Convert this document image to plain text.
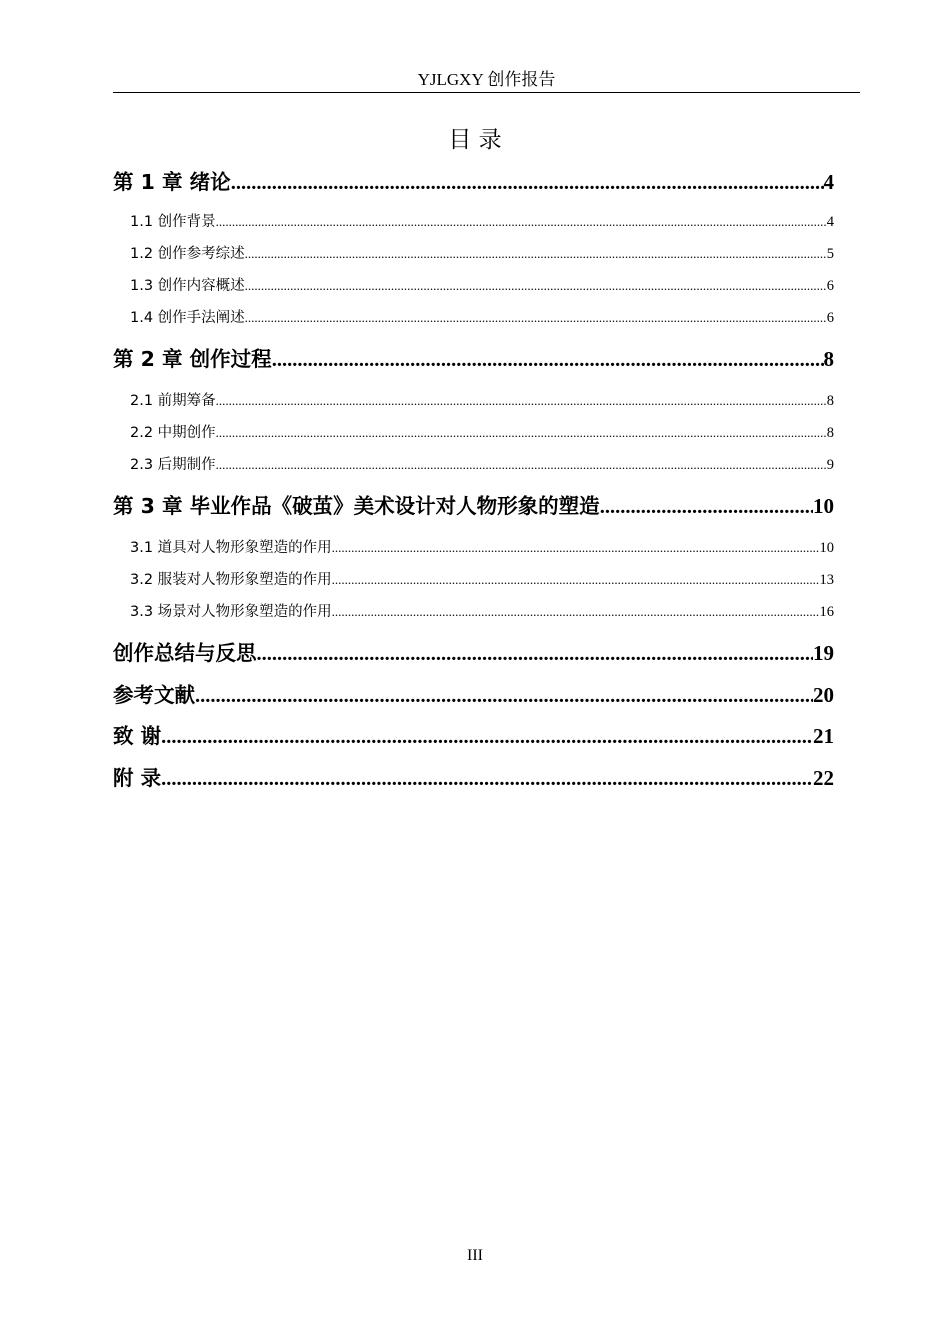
YJLGXY 创作报告
目 录
第 1 章 绪论 .....	4
1.1 创作背景 .....	4
1.2 创作参考综述 .....	5
1.3 创作内容概述 .....	6
1.4 创作手法阐述 .....	6
第 2 章 创作过程 .....	8
2.1 前期筹备 .....	8
2.2 中期创作 .....	8
2.3 后期制作 .....	9
第 3 章 毕业作品《破茧》美术设计对人物形象的塑造 .....	10
3.1 道具对人物形象塑造的作用 .....	10
3.2 服装对人物形象塑造的作用 .....	13
3.3 场景对人物形象塑造的作用 .....	16
创作总结与反思 .....	19
参考文献 .....	20
致 谢 .....	21
附 录 .....	22
III
